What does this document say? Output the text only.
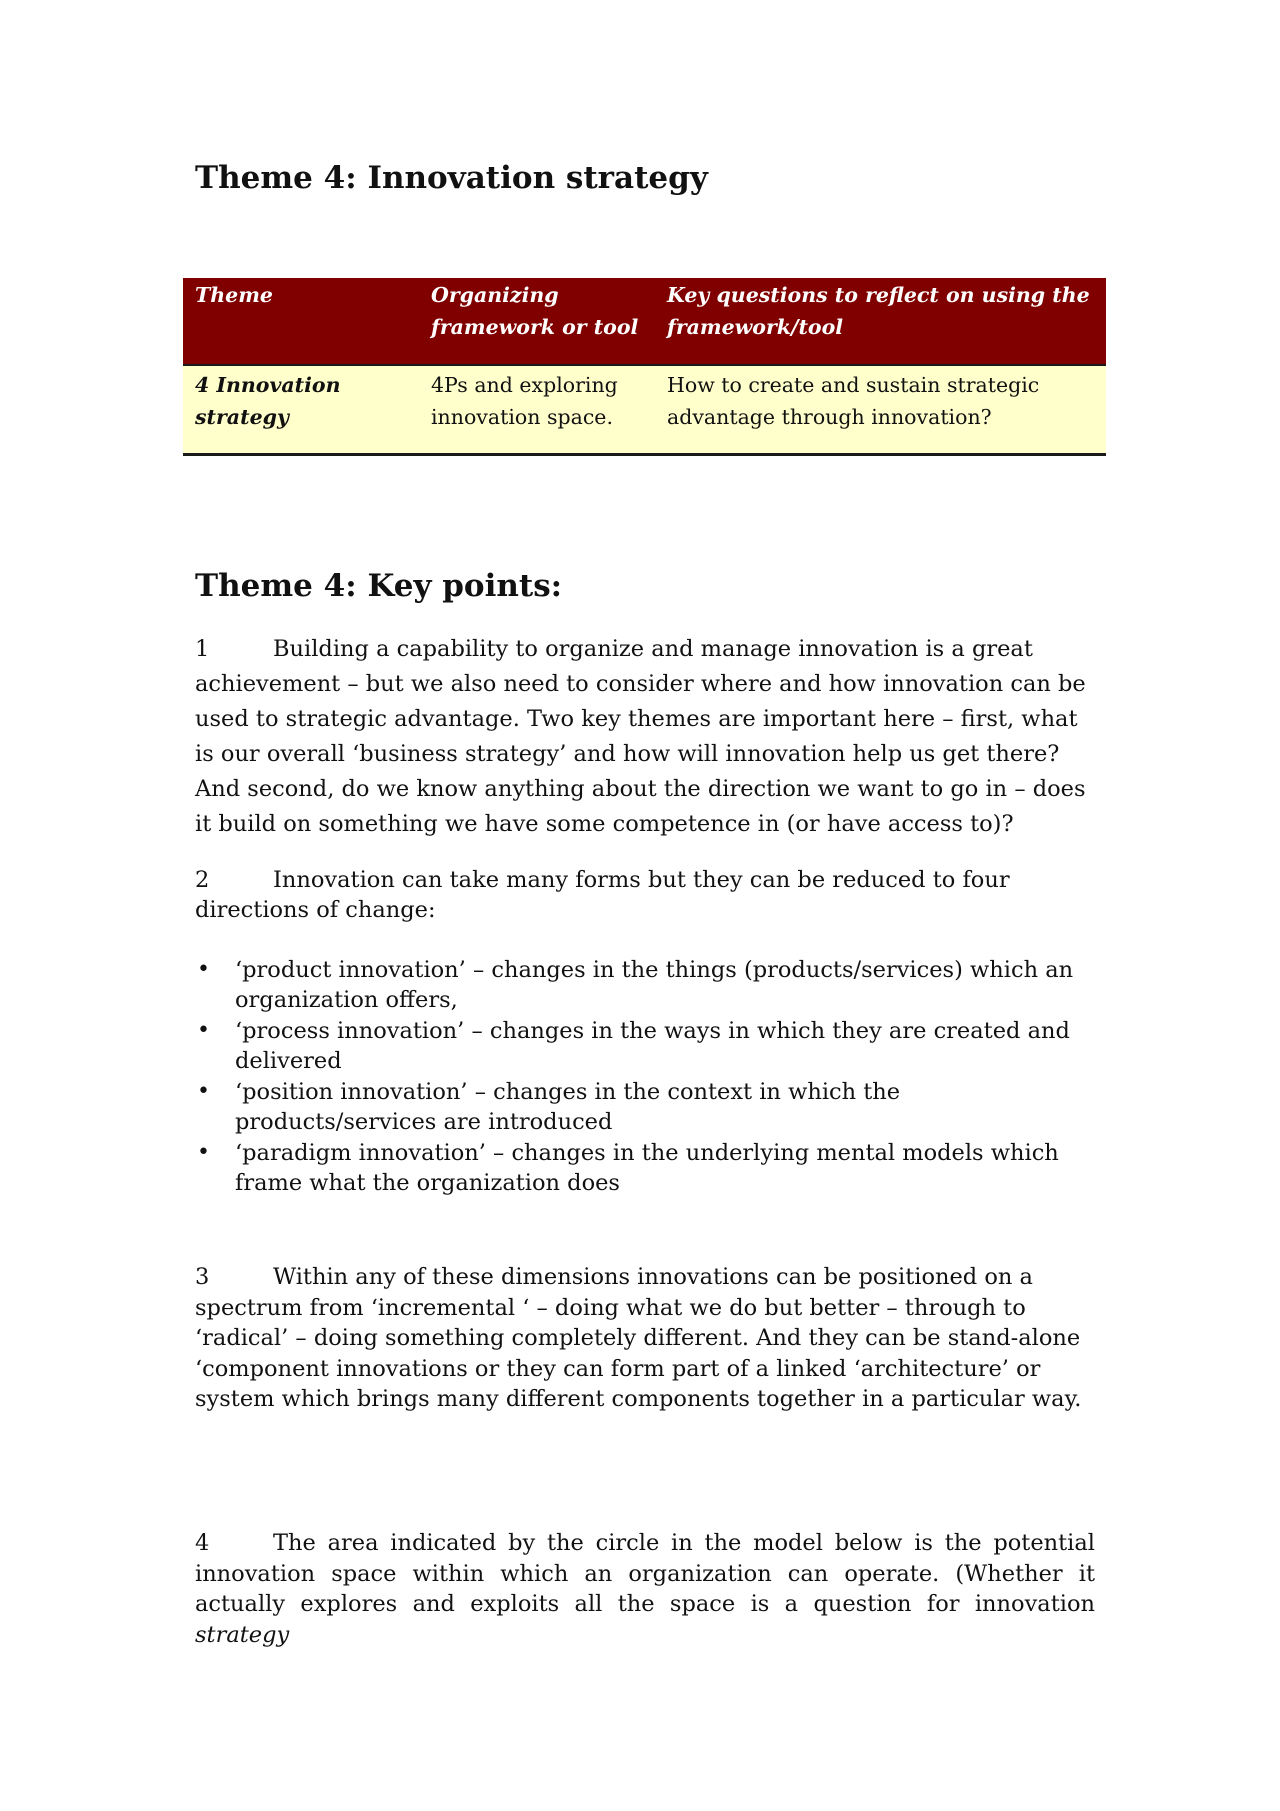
Theme 4: Innovation strategy
Theme	Organizing framework or tool	Key questions to reflect on using the framework/tool
4 Innovation strategy	4Ps and exploring innovation space.	How to create and sustain strategic advantage through innovation?
Theme 4: Key points:

1	Building a capability to organize and manage innovation is a great achievement – but we also need to consider where and how innovation can be used to strategic advantage. Two key themes are important here – first, what is our overall ‘business strategy’ and how will innovation help us get there? And second, do we know anything about the direction we want to go in – does it build on something we have some competence in (or have access to)?

2	Innovation can take many forms but they can be reduced to four directions of change:

• ‘product innovation’ – changes in the things (products/services) which an organization offers,
• ‘process innovation’ – changes in the ways in which they are created and delivered
• ‘position innovation’ – changes in the context in which the products/services are introduced
• ‘paradigm innovation’ – changes in the underlying mental models which frame what the organization does

3	Within any of these dimensions innovations can be positioned on a spectrum from ‘incremental ‘ – doing what we do but better – through to ‘radical’ – doing something completely different. And they can be stand-alone ‘component innovations or they can form part of a linked ‘architecture’ or system which brings many different components together in a particular way.

4	The area indicated by the circle in the model below is the potential innovation space within which an organization can operate. (Whether it actually explores and exploits all the space is a question for innovation strategy
